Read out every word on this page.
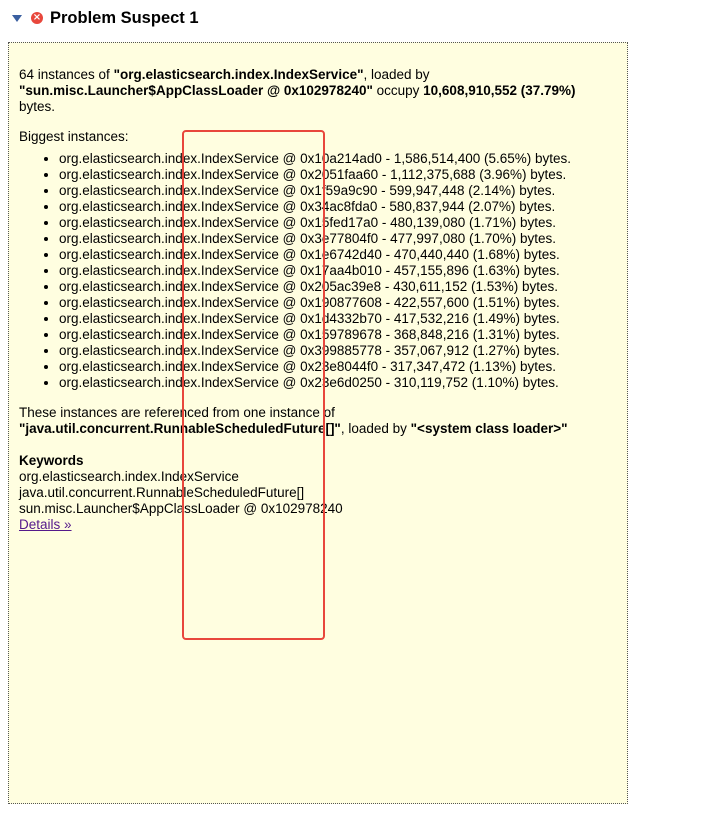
× Problem Suspect 1

64 instances of "org.elasticsearch.index.IndexService", loaded by "sun.misc.Launcher$AppClassLoader @ 0x102978240" occupy 10,608,910,552 (37.79%) bytes.

Biggest instances:

• org.elasticsearch.index.IndexService @ 0x10a214ad0 - 1,586,514,400 (5.65%) bytes.
• org.elasticsearch.index.IndexService @ 0x2051faa60 - 1,112,375,688 (3.96%) bytes.
• org.elasticsearch.index.IndexService @ 0x1f59a9c90 - 599,947,448 (2.14%) bytes.
• org.elasticsearch.index.IndexService @ 0x34ac8fda0 - 580,837,944 (2.07%) bytes.
• org.elasticsearch.index.IndexService @ 0x15fed17a0 - 480,139,080 (1.71%) bytes.
• org.elasticsearch.index.IndexService @ 0x3e77804f0 - 477,997,080 (1.70%) bytes.
• org.elasticsearch.index.IndexService @ 0x1e6742d40 - 470,440,440 (1.68%) bytes.
• org.elasticsearch.index.IndexService @ 0x17aa4b010 - 457,155,896 (1.63%) bytes.
• org.elasticsearch.index.IndexService @ 0x205ac39e8 - 430,611,152 (1.53%) bytes.
• org.elasticsearch.index.IndexService @ 0x190877608 - 422,557,600 (1.51%) bytes.
• org.elasticsearch.index.IndexService @ 0x1d4332b70 - 417,532,216 (1.49%) bytes.
• org.elasticsearch.index.IndexService @ 0x159789678 - 368,848,216 (1.31%) bytes.
• org.elasticsearch.index.IndexService @ 0x399885778 - 357,067,912 (1.27%) bytes.
• org.elasticsearch.index.IndexService @ 0x23e8044f0 - 317,347,472 (1.13%) bytes.
• org.elasticsearch.index.IndexService @ 0x23e6d0250 - 310,119,752 (1.10%) bytes.

These instances are referenced from one instance of "java.util.concurrent.RunnableScheduledFuture[]", loaded by "<system class loader>"

Keywords

org.elasticsearch.index.IndexService

java.util.concurrent.RunnableScheduledFuture[]

sun.misc.Launcher$AppClassLoader @ 0x102978240

Details »
